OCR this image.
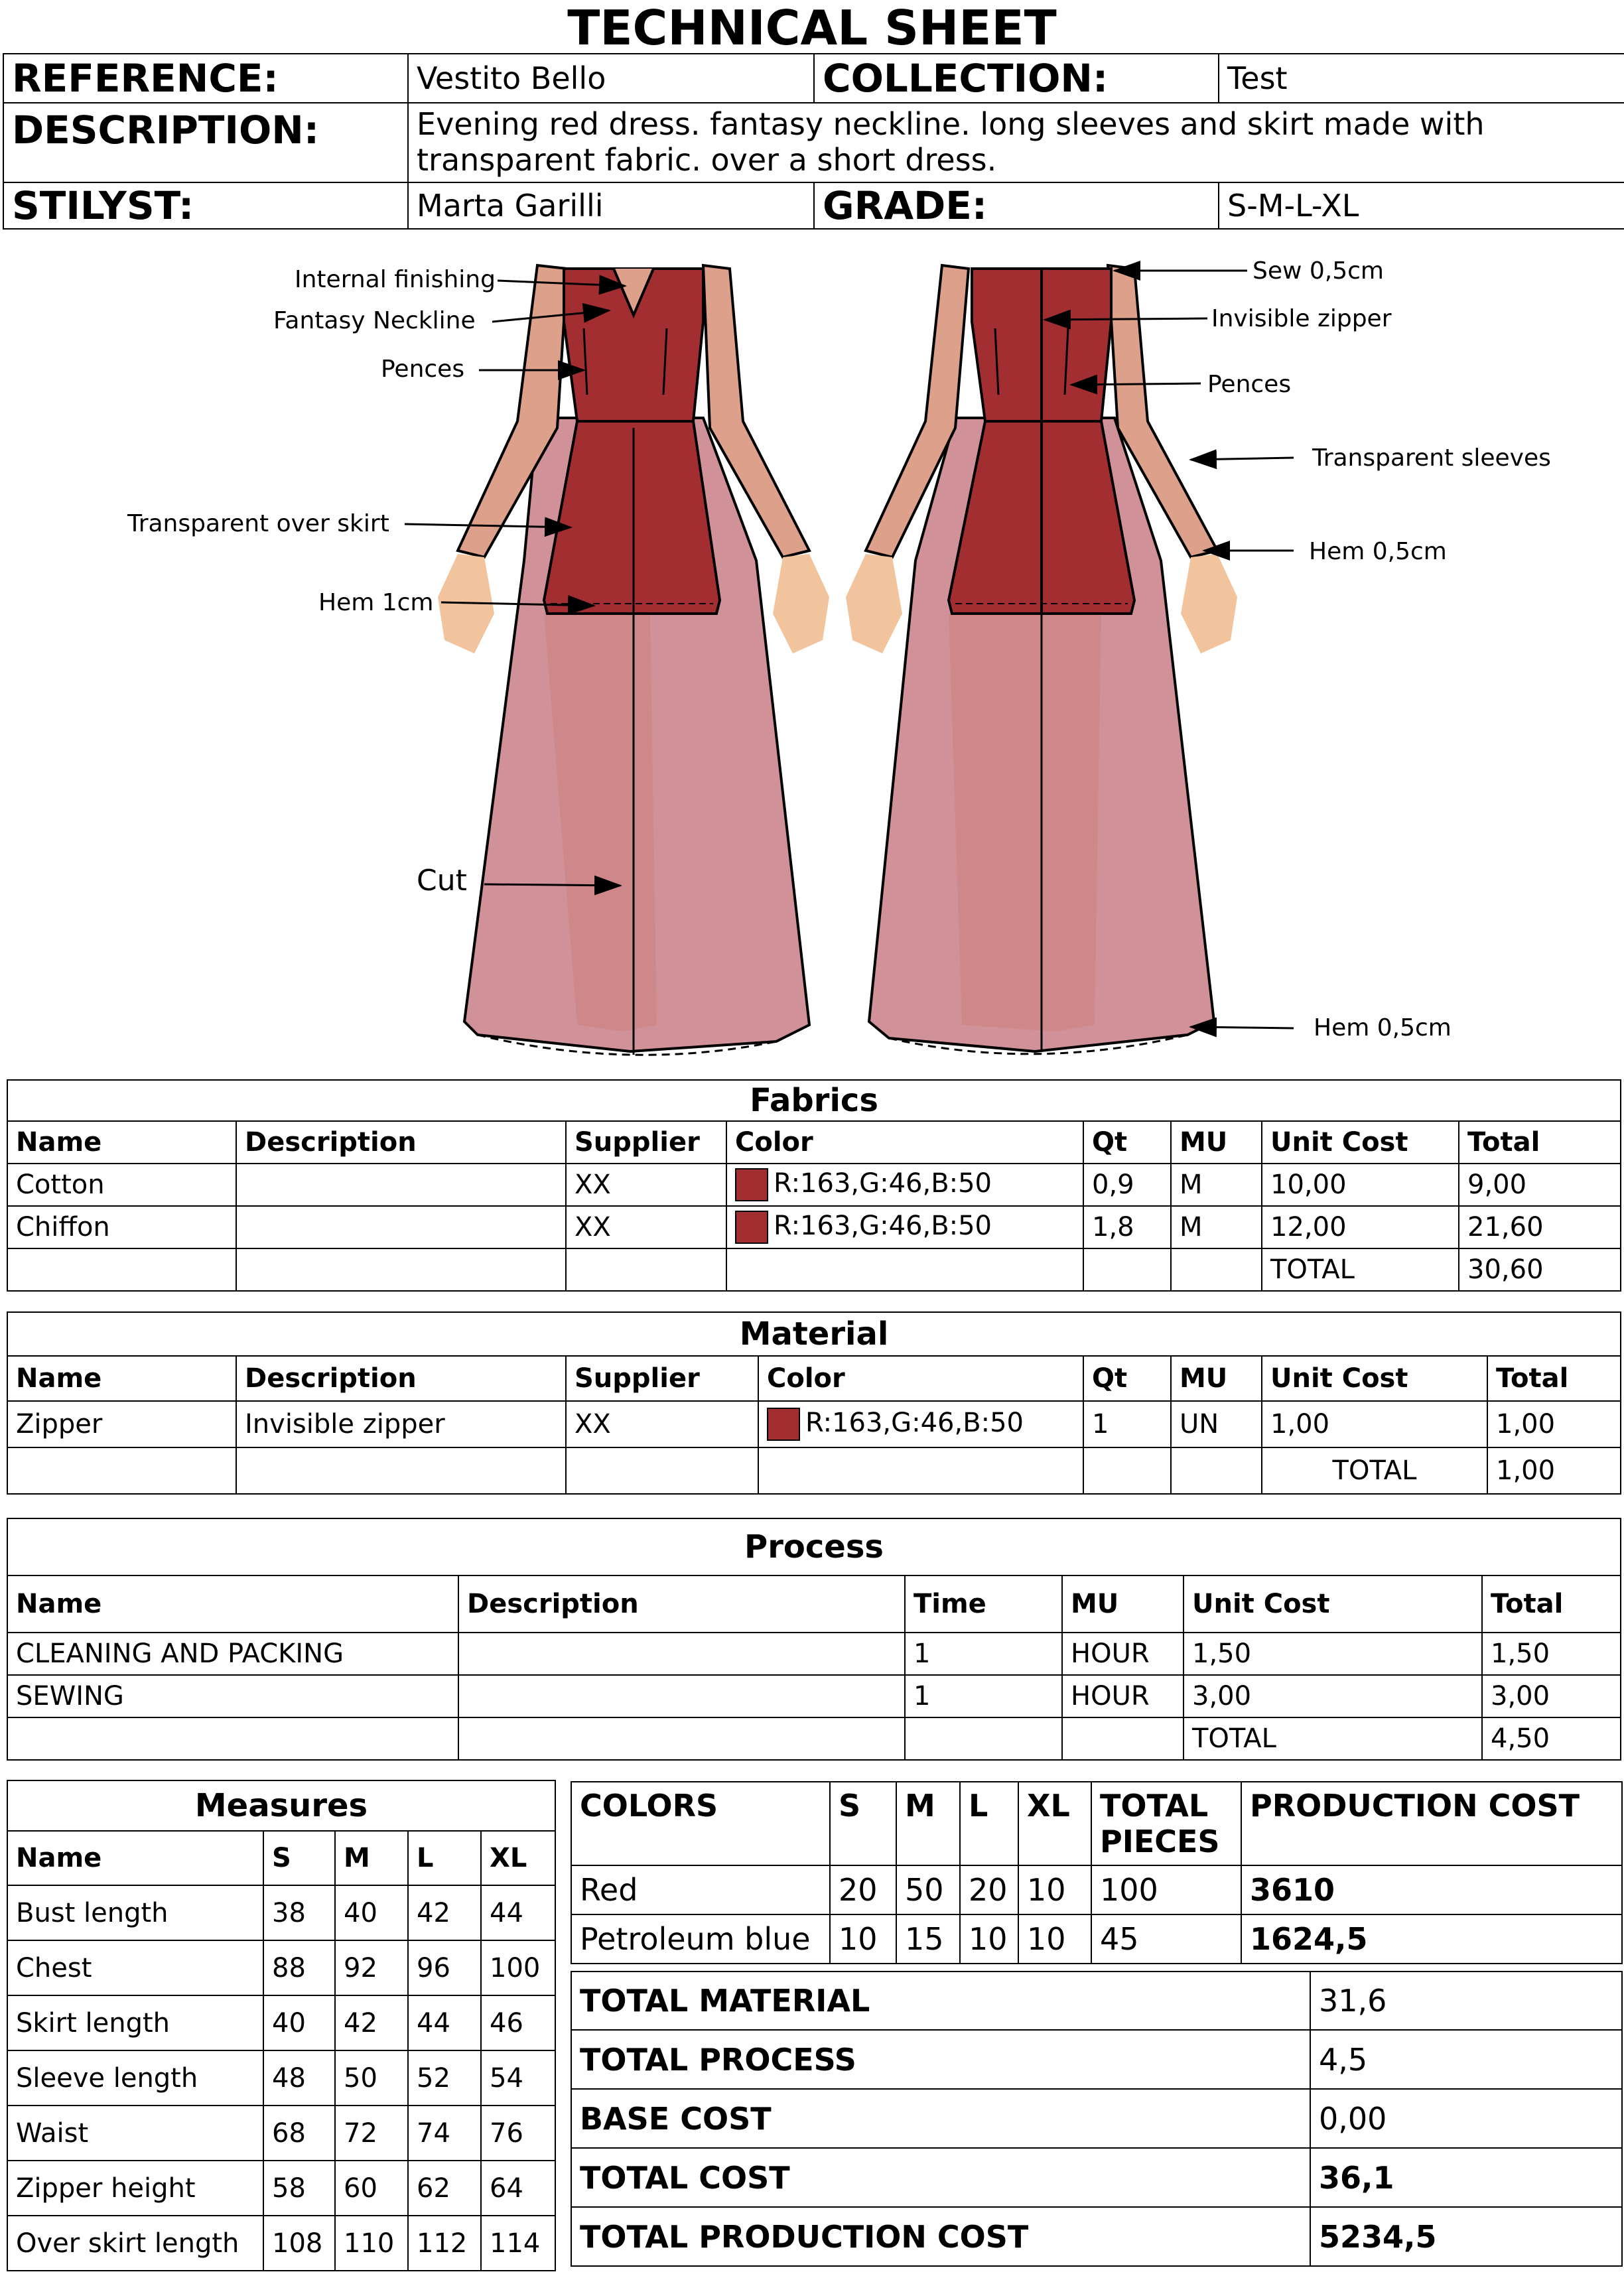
TECHNICAL SHEET
REFERENCE:	Vestito Bello	COLLECTION:	Test
DESCRIPTION:	Evening red dress. fantasy neckline. long sleeves and skirt made with transparent fabric. over a short dress.		
STILYST:	Marta Garilli	GRADE:	S-M-L-XL
Internal finishing
Fantasy Neckline
Pences
Transparent over skirt
Hem 1cm
Cut
Sew 0,5cm
Invisible zipper
Pences
Transparent sleeves
Hem 0,5cm
Hem 0,5cm
Fabrics							
Name	Description	Supplier	Color	Qt	MU	Unit Cost	Total
Cotton		XX	R:163,G:46,B:50	0,9	M	10,00	9,00
Chiffon		XX	R:163,G:46,B:50	1,8	M	12,00	21,60
						TOTAL	30,60
Material							
Name	Description	Supplier	Color	Qt	MU	Unit Cost	Total
Zipper	Invisible zipper	XX	R:163,G:46,B:50	1	UN	1,00	1,00
						TOTAL	1,00
Process					
Name	Description	Time	MU	Unit Cost	Total
CLEANING AND PACKING		1	HOUR	1,50	1,50
SEWING		1	HOUR	3,00	3,00
				TOTAL	4,50
Measures				
Name	S	M	L	XL
Bust length	38	40	42	44
Chest	88	92	96	100
Skirt length	40	42	44	46
Sleeve length	48	50	52	54
Waist	68	72	74	76
Zipper height	58	60	62	64
Over skirt length	108	110	112	114
COLORS	S	M	L	XL	TOTAL PIECES	PRODUCTION COST
Red	20	50	20	10	100	3610
Petroleum blue	10	15	10	10	45	1624,5
TOTAL MATERIAL	31,6
TOTAL PROCESS	4,5
BASE COST	0,00
TOTAL COST	36,1
TOTAL PRODUCTION COST	5234,5
